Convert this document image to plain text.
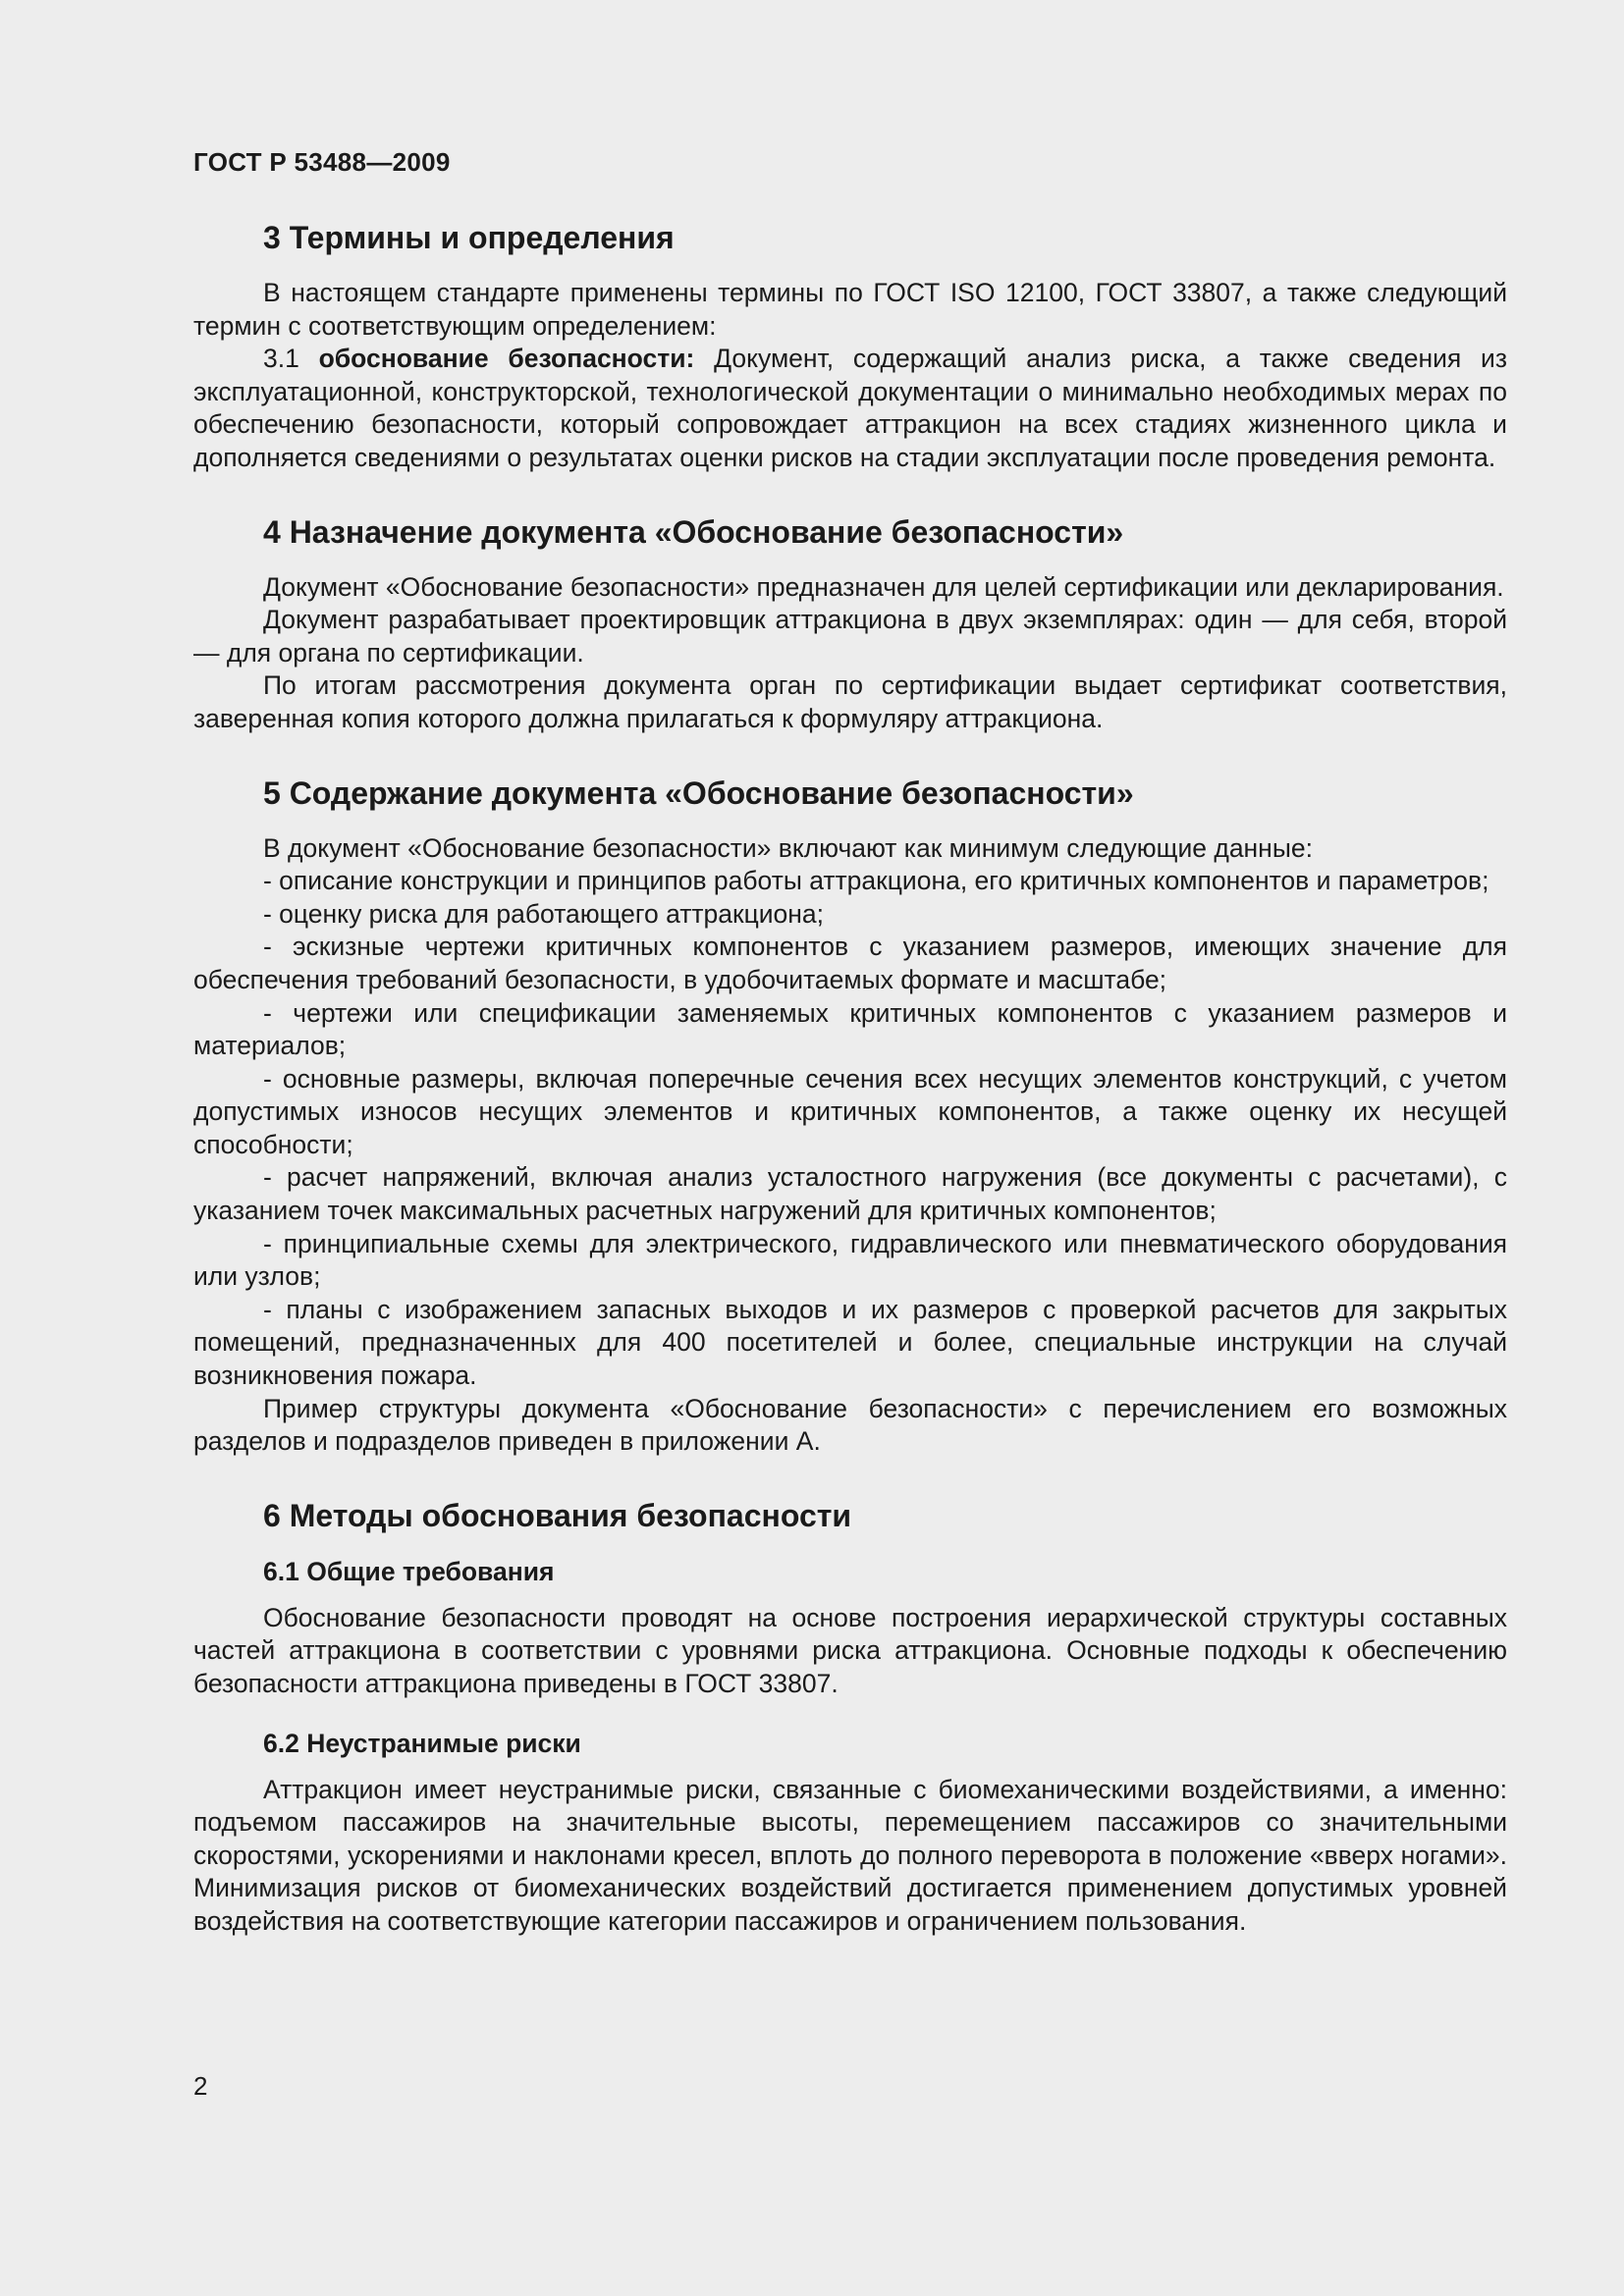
ГОСТ Р 53488—2009
3 Термины и определения

В настоящем стандарте применены термины по ГОСТ ISO 12100, ГОСТ 33807, а также следующий термин с соответствующим определением:

3.1 обоснование безопасности: Документ, содержащий анализ риска, а также сведения из эксплуатационной, конструкторской, технологической документации о минимально необходимых мерах по обеспечению безопасности, который сопровождает аттракцион на всех стадиях жизненного цикла и дополняется сведениями о результатах оценки рисков на стадии эксплуатации после проведения ремонта.

4 Назначение документа «Обоснование безопасности»

Документ «Обоснование безопасности» предназначен для целей сертификации или декларирования.

Документ разрабатывает проектировщик аттракциона в двух экземплярах: один — для себя, второй — для органа по сертификации.

По итогам рассмотрения документа орган по сертификации выдает сертификат соответствия, заверенная копия которого должна прилагаться к формуляру аттракциона.

5 Содержание документа «Обоснование безопасности»

В документ «Обоснование безопасности» включают как минимум следующие данные:

- описание конструкции и принципов работы аттракциона, его критичных компонентов и параметров;

- оценку риска для работающего аттракциона;

- эскизные чертежи критичных компонентов с указанием размеров, имеющих значение для обеспечения требований безопасности, в удобочитаемых формате и масштабе;

- чертежи или спецификации заменяемых критичных компонентов с указанием размеров и материалов;

- основные размеры, включая поперечные сечения всех несущих элементов конструкций, с учетом допустимых износов несущих элементов и критичных компонентов, а также оценку их несущей способности;

- расчет напряжений, включая анализ усталостного нагружения (все документы с расчетами), с указанием точек максимальных расчетных нагружений для критичных компонентов;

- принципиальные схемы для электрического, гидравлического или пневматического оборудования или узлов;

- планы с изображением запасных выходов и их размеров с проверкой расчетов для закрытых помещений, предназначенных для 400 посетителей и более, специальные инструкции на случай возникновения пожара.

Пример структуры документа «Обоснование безопасности» с перечислением его возможных разделов и подразделов приведен в приложении А.

6 Методы обоснования безопасности
6.1 Общие требования

Обоснование безопасности проводят на основе построения иерархической структуры составных частей аттракциона в соответствии с уровнями риска аттракциона. Основные подходы к обеспечению безопасности аттракциона приведены в ГОСТ 33807.

6.2 Неустранимые риски

Аттракцион имеет неустранимые риски, связанные с биомеханическими воздействиями, а именно: подъемом пассажиров на значительные высоты, перемещением пассажиров со значительными скоростями, ускорениями и наклонами кресел, вплоть до полного переворота в положение «вверх ногами». Минимизация рисков от биомеханических воздействий достигается применением допустимых уровней воздействия на соответствующие категории пассажиров и ограничением пользования.

2
